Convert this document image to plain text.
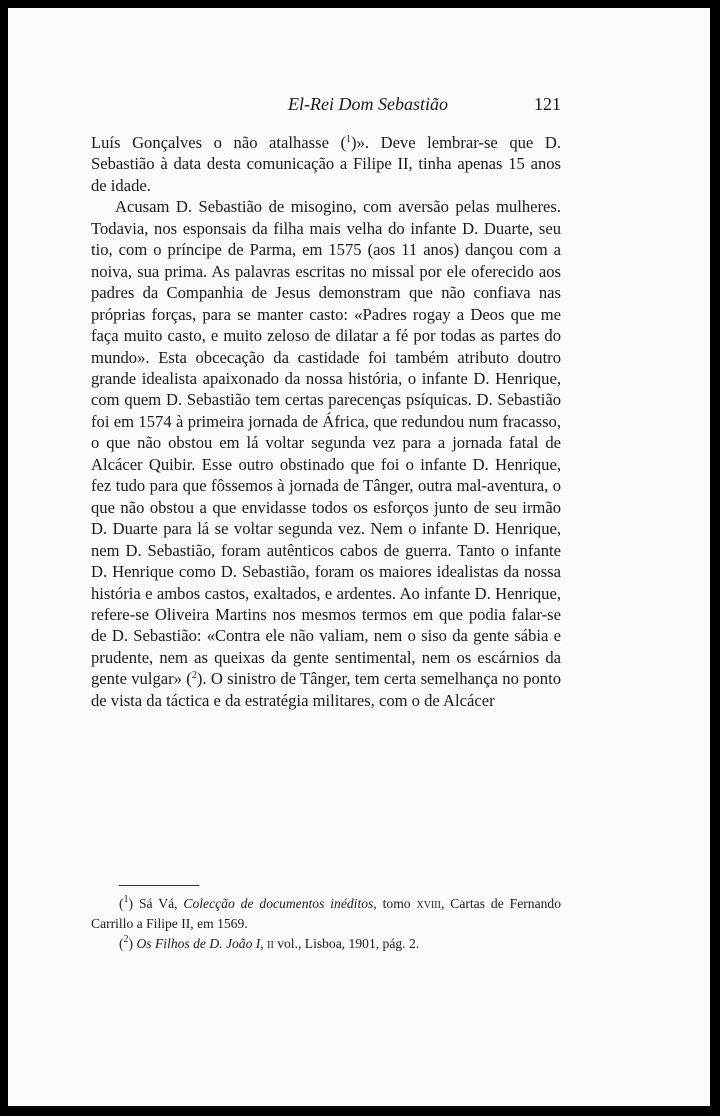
El-Rei Dom Sebastião	121

Luís Gonçalves o não atalhasse ($^1$)». Deve lembrar-se que D. Sebastião à data desta comunicação a Filipe II, tinha apenas 15 anos de idade.

Acusam D. Sebastião de misogino, com aversão pelas mulheres. Todavia, nos esponsais da filha mais velha do infante D. Duarte, seu tio, com o príncipe de Parma, em 1575 (aos 11 anos) dançou com a noiva, sua prima. As palavras escritas no missal por ele oferecido aos padres da Companhia de Jesus demonstram que não confiava nas próprias forças, para se manter casto: «Padres rogay a Deos que me faça muito casto, e muito zeloso de dilatar a fé por todas as partes do mundo». Esta obcecação da castidade foi também atributo doutro grande idealista apaixonado da nossa história, o infante D. Henrique, com quem D. Sebastião tem certas parecenças psíquicas. D. Sebastião foi em 1574 à primeira jornada de África, que redundou num fracasso, o que não obstou em lá voltar segunda vez para a jornada fatal de Alcácer Quibir. Esse outro obstinado que foi o infante D. Henrique, fez tudo para que fôssemos à jornada de Tânger, outra mal-aventura, o que não obstou a que envidasse todos os esforços junto de seu irmão D. Duarte para lá se voltar segunda vez. Nem o infante D. Henrique, nem D. Sebastião, foram autênticos cabos de guerra. Tanto o infante D. Henrique como D. Sebastião, foram os maiores idealistas da nossa história e ambos castos, exaltados, e ardentes. Ao infante D. Henrique, refere-se Oliveira Martins nos mesmos termos em que podia falar-se de D. Sebastião: «Contra ele não valiam, nem o siso da gente sábia e prudente, nem as queixas da gente sentimental, nem os escárnios da gente vulgar» ($^2$). O sinistro de Tânger, tem certa semelhança no ponto de vista da táctica e da estratégia militares, com o de Alcácer

($^1$) Sá Vá, Colecção de documentos inéditos, tomo xviii, Cartas de Fernando Carrillo a Filipe II, em 1569.

($^2$) Os Filhos de D. João I, ii vol., Lisboa, 1901, pág. 2.
